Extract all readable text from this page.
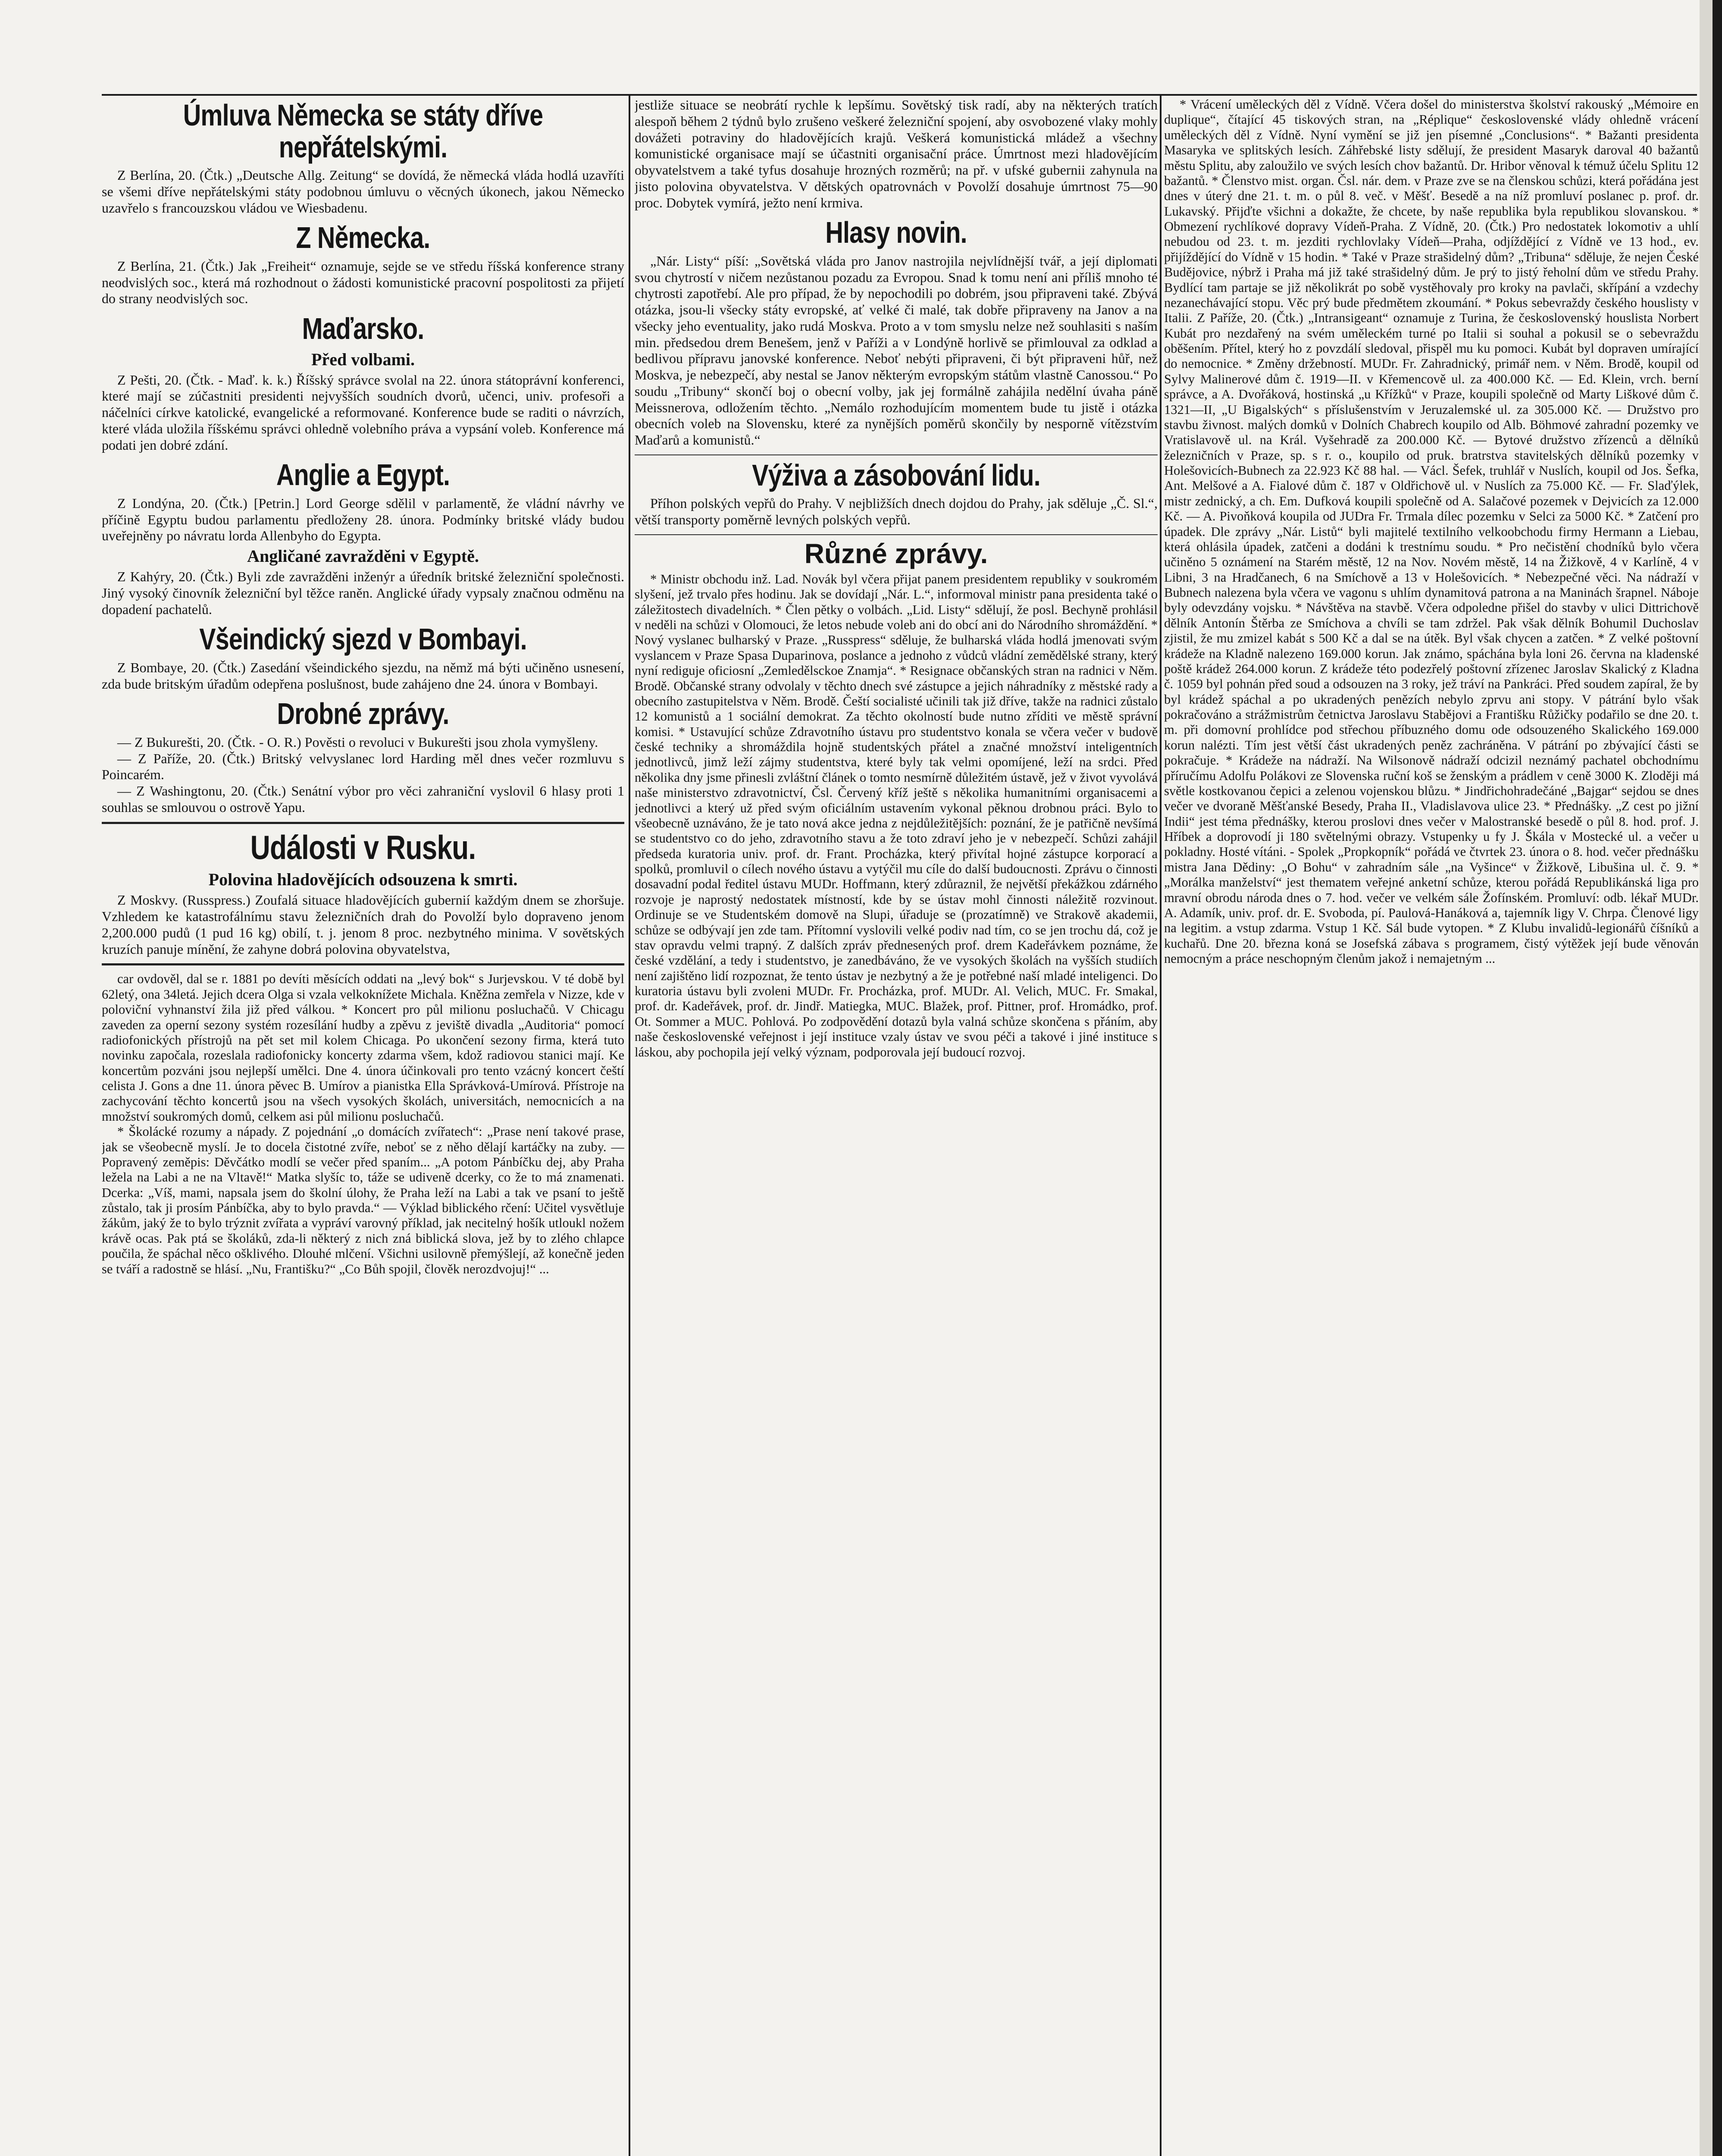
Úmluva Německa se státy dříve nepřátelskými.

Z Berlína, 20. (Čtk.) „Deutsche Allg. Zeitung“ se dovídá, že německá vláda hodlá uzavříti se všemi dříve nepřátelskými státy podobnou úmluvu o věcných úkonech, jakou Německo uzavřelo s francouzskou vládou ve Wiesbadenu.

Z Německa.

Z Berlína, 21. (Čtk.) Jak „Freiheit“ oznamuje, sejde se ve středu říšská konference strany neodvislých soc., která má rozhodnout o žádosti komunistické pracovní pospolitosti za přijetí do strany neodvislých soc.

Maďarsko.
Před volbami.

Z Pešti, 20. (Čtk. - Maď. k. k.) Říšský správce svolal na 22. února státoprávní konferenci, které mají se zúčastniti presidenti nejvyšších soudních dvorů, učenci, univ. profesoři a náčelníci církve katolické, evangelické a reformované. Konference bude se raditi o návrzích, které vláda uložila říšskému správci ohledně volebního práva a vypsání voleb. Konference má podati jen dobré zdání.

Anglie a Egypt.

Z Londýna, 20. (Čtk.) [Petrin.] Lord George sdělil v parlamentě, že vládní návrhy ve příčině Egyptu budou parlamentu předloženy 28. února. Podmínky britské vlády budou uveřejněny po návratu lorda Allenbyho do Egypta.

Angličané zavražděni v Egyptě.

Z Kahýry, 20. (Čtk.) Byli zde zavražděni inženýr a úředník britské železniční společnosti. Jiný vysoký činovník železniční byl těžce raněn. Anglické úřady vypsaly značnou odměnu na dopadení pachatelů.

Všeindický sjezd v Bombayi.

Z Bombaye, 20. (Čtk.) Zasedání všeindického sjezdu, na němž má býti učiněno usnesení, zda bude britským úřadům odepřena poslušnost, bude zahájeno dne 24. února v Bombayi.

Drobné zprávy.

— Z Bukurešti, 20. (Čtk. - O. R.) Pověsti o revoluci v Bukurešti jsou zhola vymyšleny.

— Z Paříže, 20. (Čtk.) Britský velvyslanec lord Harding měl dnes večer rozmluvu s Poincarém.

— Z Washingtonu, 20. (Čtk.) Senátní výbor pro věci zahraniční vyslovil 6 hlasy proti 1 souhlas se smlouvou o ostrově Yapu.

Události v Rusku.
Polovina hladovějících odsouzena k smrti.

Z Moskvy. (Russpress.) Zoufalá situace hladovějících gubernií každým dnem se zhoršuje. Vzhledem ke katastrofálnímu stavu železničních drah do Povolží bylo dopraveno jenom 2,200.000 pudů (1 pud 16 kg) obilí, t. j. jenom 8 proc. nezbytného minima. V sovětských kruzích panuje mínění, že zahyne dobrá polovina obyvatelstva,

car ovdověl, dal se r. 1881 po devíti měsících oddati na „levý bok“ s Jurjevskou. V té době byl 62letý, ona 34letá. Jejich dcera Olga si vzala velkoknížete Michala. Kněžna zemřela v Nizze, kde v poloviční vyhnanství žila již před válkou. * Koncert pro půl milionu posluchačů. V Chicagu zaveden za operní sezony systém rozesílání hudby a zpěvu z jeviště divadla „Auditoria“ pomocí radiofonických přístrojů na pět set mil kolem Chicaga. Po ukončení sezony firma, která tuto novinku započala, rozeslala radiofonicky koncerty zdarma všem, kdož radiovou stanici mají. Ke koncertům pozváni jsou nejlepší umělci. Dne 4. února účinkovali pro tento vzácný koncert čeští celista J. Gons a dne 11. února pěvec B. Umírov a pianistka Ella Správková-Umírová. Přístroje na zachycování těchto koncertů jsou na všech vysokých školách, universitách, nemocnicích a na množství soukromých domů, celkem asi půl milionu posluchačů.

* Školácké rozumy a nápady. Z pojednání „o domácích zvířatech“: „Prase není takové prase, jak se všeobecně myslí. Je to docela čistotné zvíře, neboť se z něho dělají kartáčky na zuby. — Popravený zeměpis: Děvčátko modlí se večer před spaním... „A potom Pánbíčku dej, aby Praha ležela na Labi a ne na Vltavě!“ Matka slyšíc to, táže se udiveně dcerky, co že to má znamenati. Dcerka: „Víš, mami, napsala jsem do školní úlohy, že Praha leží na Labi a tak ve psaní to ještě zůstalo, tak ji prosím Pánbíčka, aby to bylo pravda.“ — Výklad biblického rčení: Učitel vysvětluje žákům, jaký že to bylo trýznit zvířata a vypráví varovný příklad, jak necitelný hošík utloukl nožem krávě ocas. Pak ptá se školáků, zda-li některý z nich zná biblická slova, jež by to zlého chlapce poučila, že spáchal něco ošklivého. Dlouhé mlčení. Všichni usilovně přemýšlejí, až konečně jeden se tváří a radostně se hlásí. „Nu, Františku?“ „Co Bůh spojil, člověk nerozdvojuj!“ ...

jestliže situace se neobrátí rychle k lepšímu. Sovětský tisk radí, aby na některých tratích alespoň během 2 týdnů bylo zrušeno veškeré železniční spojení, aby osvobozené vlaky mohly dovážeti potraviny do hladovějících krajů. Veškerá komunistická mládež a všechny komunistické organisace mají se účastniti organisační práce. Úmrtnost mezi hladovějícím obyvatelstvem a také tyfus dosahuje hrozných rozměrů; na př. v ufské gubernii zahynula na jisto polovina obyvatelstva. V dětských opatrovnách v Povolží dosahuje úmrtnost 75—90 proc. Dobytek vymírá, ježto není krmiva.

Hlasy novin.

„Nár. Listy“ píší: „Sovětská vláda pro Janov nastrojila nejvlídnější tvář, a její diplomati svou chytrostí v ničem nezůstanou pozadu za Evropou. Snad k tomu není ani příliš mnoho té chytrosti zapotřebí. Ale pro případ, že by nepochodili po dobrém, jsou připraveni také. Zbývá otázka, jsou-li všecky státy evropské, ať velké či malé, tak dobře připraveny na Janov a na všecky jeho eventuality, jako rudá Moskva. Proto a v tom smyslu nelze než souhlasiti s naším min. předsedou drem Benešem, jenž v Paříži a v Londýně horlivě se přimlouval za odklad a bedlivou přípravu janovské konference. Neboť nebýti připraveni, či být připraveni hůř, než Moskva, je nebezpečí, aby nestal se Janov některým evropským státům vlastně Canossou.“ Po soudu „Tribuny“ skončí boj o obecní volby, jak jej formálně zahájila nedělní úvaha páně Meissnerova, odložením těchto. „Nemálo rozhodujícím momentem bude tu jistě i otázka obecních voleb na Slovensku, které za nynějších poměrů skončily by nesporně vítězstvím Maďarů a komunistů.“

Výživa a zásobování lidu.

Příhon polských vepřů do Prahy. V nejbližších dnech dojdou do Prahy, jak sděluje „Č. Sl.“, větší transporty poměrně levných polských vepřů.

Různé zprávy.

* Ministr obchodu inž. Lad. Novák byl včera přijat panem presidentem republiky v soukromém slyšení, jež trvalo přes hodinu. Jak se dovídají „Nár. L.“, informoval ministr pana presidenta také o záležitostech divadelních. * Člen pětky o volbách. „Lid. Listy“ sdělují, že posl. Bechyně prohlásil v neděli na schůzi v Olomouci, že letos nebude voleb ani do obcí ani do Národního shromáždění. * Nový vyslanec bulharský v Praze. „Russpress“ sděluje, že bulharská vláda hodlá jmenovati svým vyslancem v Praze Spasa Duparinova, poslance a jednoho z vůdců vládní zemědělské strany, který nyní rediguje oficiosní „Zemledělsckoe Znamja“. * Resignace občanských stran na radnici v Něm. Brodě. Občanské strany odvolaly v těchto dnech své zástupce a jejich náhradníky z městské rady a obecního zastupitelstva v Něm. Brodě. Čeští socialisté učinili tak již dříve, takže na radnici zůstalo 12 komunistů a 1 sociální demokrat. Za těchto okolností bude nutno zříditi ve městě správní komisi. * Ustavující schůze Zdravotního ústavu pro studentstvo konala se včera večer v budově české techniky a shromáždila hojně studentských přátel a značné množství inteligentních jednotlivců, jimž leží zájmy studentstva, které byly tak velmi opomíjené, leží na srdci. Před několika dny jsme přinesli zvláštní článek o tomto nesmírně důležitém ústavě, jež v život vyvolává naše ministerstvo zdravotnictví, Čsl. Červený kříž ještě s několika humanitními organisacemi a jednotlivci a který už před svým oficiálním ustavením vykonal pěknou drobnou práci. Bylo to všeobecně uznáváno, že je tato nová akce jedna z nejdůležitějších: poznání, že je patřičně nevšímá se studentstvo co do jeho, zdravotního stavu a že toto zdraví jeho je v nebezpečí. Schůzi zahájil předseda kuratoria univ. prof. dr. Frant. Procházka, který přivítal hojné zástupce korporací a spolků, promluvil o cílech nového ústavu a vytýčil mu cíle do další budoucnosti. Zprávu o činnosti dosavadní podal ředitel ústavu MUDr. Hoffmann, který zdůraznil, že největší překážkou zdárného rozvoje je naprostý nedostatek místností, kde by se ústav mohl činnosti náležitě rozvinout. Ordinuje se ve Studentském domově na Slupi, úřaduje se (prozatímně) ve Strakově akademii, schůze se odbývají jen zde tam. Přítomní vyslovili velké podiv nad tím, co se jen trochu dá, což je stav opravdu velmi trapný. Z dalších zpráv přednesených prof. drem Kadeřávkem poznáme, že české vzdělání, a tedy i studentstvo, je zanedbáváno, že ve vysokých školách na vyšších studiích není zajištěno lidí rozpoznat, že tento ústav je nezbytný a že je potřebné naší mladé inteligenci. Do kuratoria ústavu byli zvoleni MUDr. Fr. Procházka, prof. MUDr. Al. Velich, MUC. Fr. Smakal, prof. dr. Kadeřávek, prof. dr. Jindř. Matiegka, MUC. Blažek, prof. Pittner, prof. Hromádko, prof. Ot. Sommer a MUC. Pohlová. Po zodpovědění dotazů byla valná schůze skončena s přáním, aby naše československé veřejnost i její instituce vzaly ústav ve svou péči a takové i jiné instituce s láskou, aby pochopila její velký význam, podporovala její budoucí rozvoj.

* Vrácení uměleckých děl z Vídně. Včera došel do ministerstva školství rakouský „Mémoire en duplique“, čítající 45 tiskových stran, na „Réplique“ československé vlády ohledně vrácení uměleckých děl z Vídně. Nyní vymění se již jen písemné „Conclusions“. * Bažanti presidenta Masaryka ve splitských lesích. Záhřebské listy sdělují, že president Masaryk daroval 40 bažantů městu Splitu, aby zaloužilo ve svých lesích chov bažantů. Dr. Hribor věnoval k témuž účelu Splitu 12 bažantů. * Členstvo mist. organ. Čsl. nár. dem. v Praze zve se na členskou schůzi, která pořádána jest dnes v úterý dne 21. t. m. o půl 8. več. v Měšť. Besedě a na níž promluví poslanec p. prof. dr. Lukavský. Přijďte všichni a dokažte, že chcete, by naše republika byla republikou slovanskou. * Obmezení rychlíkové dopravy Vídeň-Praha. Z Vídně, 20. (Čtk.) Pro nedostatek lokomotiv a uhlí nebudou od 23. t. m. jezditi rychlovlaky Vídeň—Praha, odjíždějící z Vídně ve 13 hod., ev. přijíždějící do Vídně v 15 hodin. * Také v Praze strašidelný dům? „Tribuna“ sděluje, že nejen České Budějovice, nýbrž i Praha má již také strašidelný dům. Je prý to jistý řeholní dům ve středu Prahy. Bydlící tam partaje se již několikrát po sobě vystěhovaly pro kroky na pavlači, skřípání a vzdechy nezanechávající stopu. Věc prý bude předmětem zkoumání. * Pokus sebevraždy českého houslisty v Italii. Z Paříže, 20. (Čtk.) „Intransigeant“ oznamuje z Turina, že československý houslista Norbert Kubát pro nezdařený na svém uměleckém turné po Italii si souhal a pokusil se o sebevraždu oběšením. Přítel, který ho z povzdálí sledoval, přispěl mu ku pomoci. Kubát byl dopraven umírající do nemocnice. * Změny držebností. MUDr. Fr. Zahradnický, primář nem. v Něm. Brodě, koupil od Sylvy Malinerové dům č. 1919—II. v Křemencově ul. za 400.000 Kč. — Ed. Klein, vrch. berní správce, a A. Dvořáková, hostinská „u Křížků“ v Praze, koupili společně od Marty Liškové dům č. 1321—II, „U Bigalských“ s příslušenstvím v Jeruzalemské ul. za 305.000 Kč. — Družstvo pro stavbu živnost. malých domků v Dolních Chabrech koupilo od Alb. Böhmové zahradní pozemky ve Vratislavově ul. na Král. Vyšehradě za 200.000 Kč. — Bytové družstvo zřízenců a dělníků železničních v Praze, sp. s r. o., koupilo od pruk. bratrstva stavitelských dělníků pozemky v Holešovicích-Bubnech za 22.923 Kč 88 hal. — Václ. Šefek, truhlář v Nuslích, koupil od Jos. Šefka, Ant. Melšové a A. Fialové dům č. 187 v Oldřichově ul. v Nuslích za 75.000 Kč. — Fr. Slaďýlek, mistr zednický, a ch. Em. Dufková koupili společně od A. Salačové pozemek v Dejvicích za 12.000 Kč. — A. Pivoňková koupila od JUDra Fr. Trmala dílec pozemku v Selci za 5000 Kč. * Zatčení pro úpadek. Dle zprávy „Nár. Listů“ byli majitelé textilního velkoobchodu firmy Hermann a Liebau, která ohlásila úpadek, zatčeni a dodáni k trestnímu soudu. * Pro nečistění chodníků bylo včera učiněno 5 oznámení na Starém městě, 12 na Nov. Novém městě, 14 na Žižkově, 4 v Karlíně, 4 v Libni, 3 na Hradčanech, 6 na Smíchově a 13 v Holešovicích. * Nebezpečné věci. Na nádraží v Bubnech nalezena byla včera ve vagonu s uhlím dynamitová patrona a na Maninách šrapnel. Náboje byly odevzdány vojsku. * Návštěva na stavbě. Včera odpoledne přišel do stavby v ulici Dittrichově dělník Antonín Štěrba ze Smíchova a chvíli se tam zdržel. Pak však dělník Bohumil Duchoslav zjistil, že mu zmizel kabát s 500 Kč a dal se na útěk. Byl však chycen a zatčen. * Z velké poštovní krádeže na Kladně nalezeno 169.000 korun. Jak známo, spáchána byla loni 26. června na kladenské poště krádež 264.000 korun. Z krádeže této podezřelý poštovní zřízenec Jaroslav Skalický z Kladna č. 1059 byl pohnán před soud a odsouzen na 3 roky, jež tráví na Pankráci. Před soudem zapíral, že by byl krádež spáchal a po ukradených penězích nebylo zprvu ani stopy. V pátrání bylo však pokračováno a strážmistrům četnictva Jaroslavu Stabějovi a Františku Růžičky podařilo se dne 20. t. m. při domovní prohlídce pod střechou příbuzného domu ode odsouzeného Skalického 169.000 korun nalézti. Tím jest větší část ukradených peněz zachráněna. V pátrání po zbývající části se pokračuje. * Krádeže na nádraží. Na Wilsonově nádraží odcizil neznámý pachatel obchodnímu příručímu Adolfu Polákovi ze Slovenska ruční koš se ženským a prádlem v ceně 3000 K. Zloději má světle kostkovanou čepici a zelenou vojenskou blůzu. * Jindřichohradečáné „Bajgar“ sejdou se dnes večer ve dvoraně Měšťanské Besedy, Praha II., Vladislavova ulice 23. * Přednášky. „Z cest po jižní Indii“ jest téma přednášky, kterou proslovi dnes večer v Malostranské besedě o půl 8. hod. prof. J. Hříbek a doprovodí ji 180 světelnými obrazy. Vstupenky u fy J. Škála v Mostecké ul. a večer u pokladny. Hosté vítáni. - Spolek „Propkopník“ pořádá ve čtvrtek 23. února o 8. hod. večer přednášku mistra Jana Dědiny: „O Bohu“ v zahradním sále „na Vyšince“ v Žižkově, Libušina ul. č. 9. * „Morálka manželství“ jest thematem veřejné anketní schůze, kterou pořádá Republikánská liga pro mravní obrodu národa dnes o 7. hod. večer ve velkém sále Žofínském. Promluví: odb. lékař MUDr. A. Adamík, univ. prof. dr. E. Svoboda, pí. Paulová-Hanáková a, tajemník ligy V. Chrpa. Členové ligy na legitim. a vstup zdarma. Vstup 1 Kč. Sál bude vytopen. * Z Klubu invalidů-legionářů číšníků a kuchařů. Dne 20. března koná se Josefská zábava s programem, čistý výtěžek její bude věnován nemocným a práce neschopným členům jakož i nemajetným ...
